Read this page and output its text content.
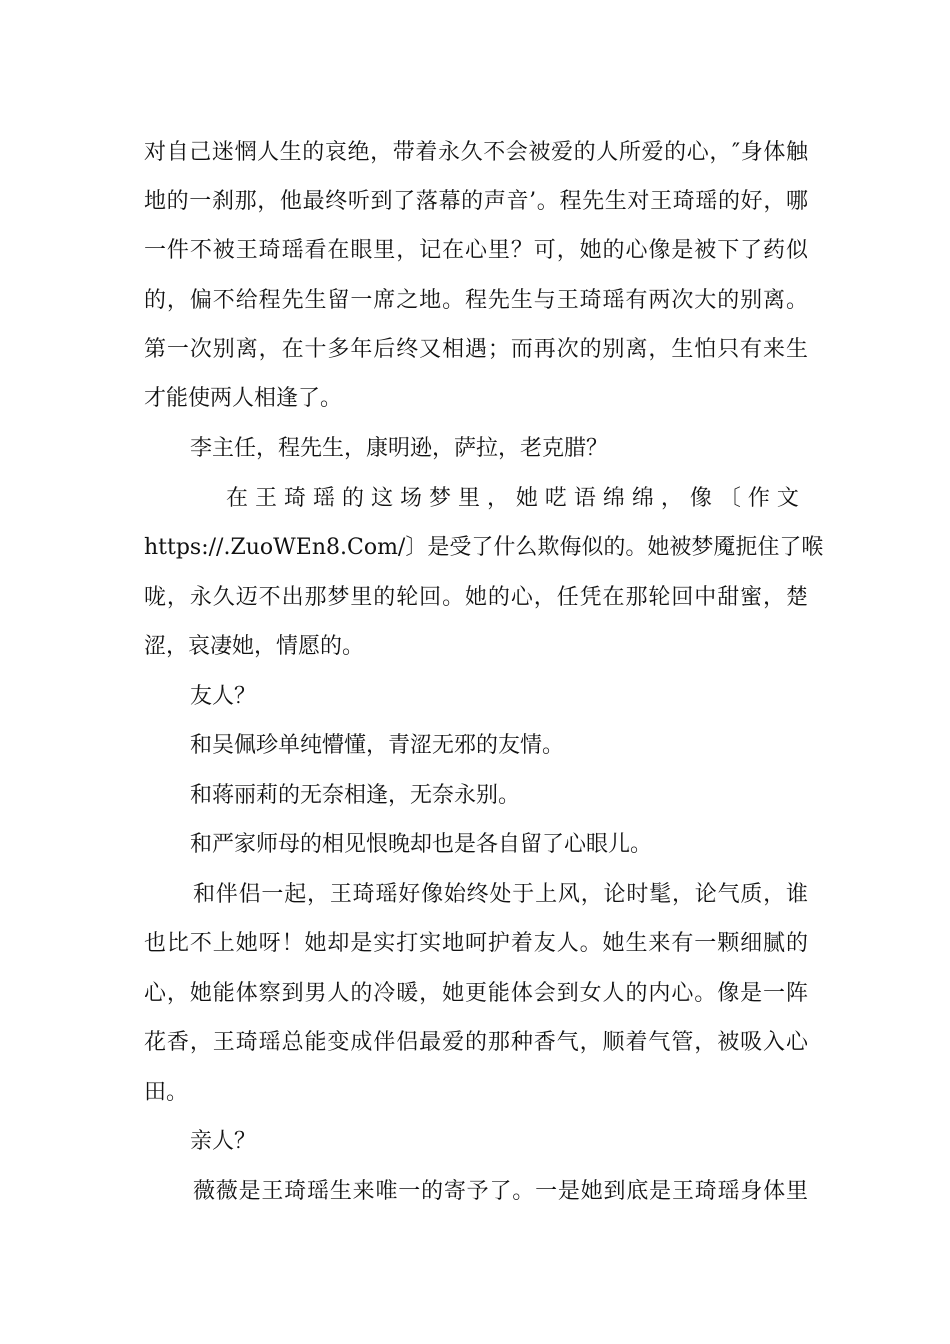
对自己迷惘人生的哀绝，带着永久不会被爱的人所爱的心，″身体触
地的一刹那，他最终听到了落幕的声音’。程先生对王琦瑶的好，哪
一件不被王琦瑶看在眼里，记在心里？可，她的心像是被下了药似
的，偏不给程先生留一席之地。程先生与王琦瑶有两次大的别离。
第一次别离，在十多年后终又相遇；而再次的别离，生怕只有来生
才能使两人相逢了。
李主任，程先生，康明逊，萨拉，老克腊？
在 王 琦 瑶 的 这 场 梦 里 ， 她 呓 语 绵 绵 ， 像 〔 作 文
https://.ZuoWEn8.Com/〕是受了什么欺侮似的。她被梦魇扼住了喉
咙，永久迈不出那梦里的轮回。她的心，任凭在那轮回中甜蜜，楚
涩，哀凄她，情愿的。
友人？
和吴佩珍单纯懵懂，青涩无邪的友情。
和蒋丽莉的无奈相逢，无奈永别。
和严家师母的相见恨晚却也是各自留了心眼儿。
和伴侣一起，王琦瑶好像始终处于上风，论时髦，论气质，谁
也比不上她呀！她却是实打实地呵护着友人。她生来有一颗细腻的
心，她能体察到男人的冷暖，她更能体会到女人的内心。像是一阵
花香，王琦瑶总能变成伴侣最爱的那种香气，顺着气管，被吸入心
田。
亲人？
薇薇是王琦瑶生来唯一的寄予了。一是她到底是王琦瑶身体里
